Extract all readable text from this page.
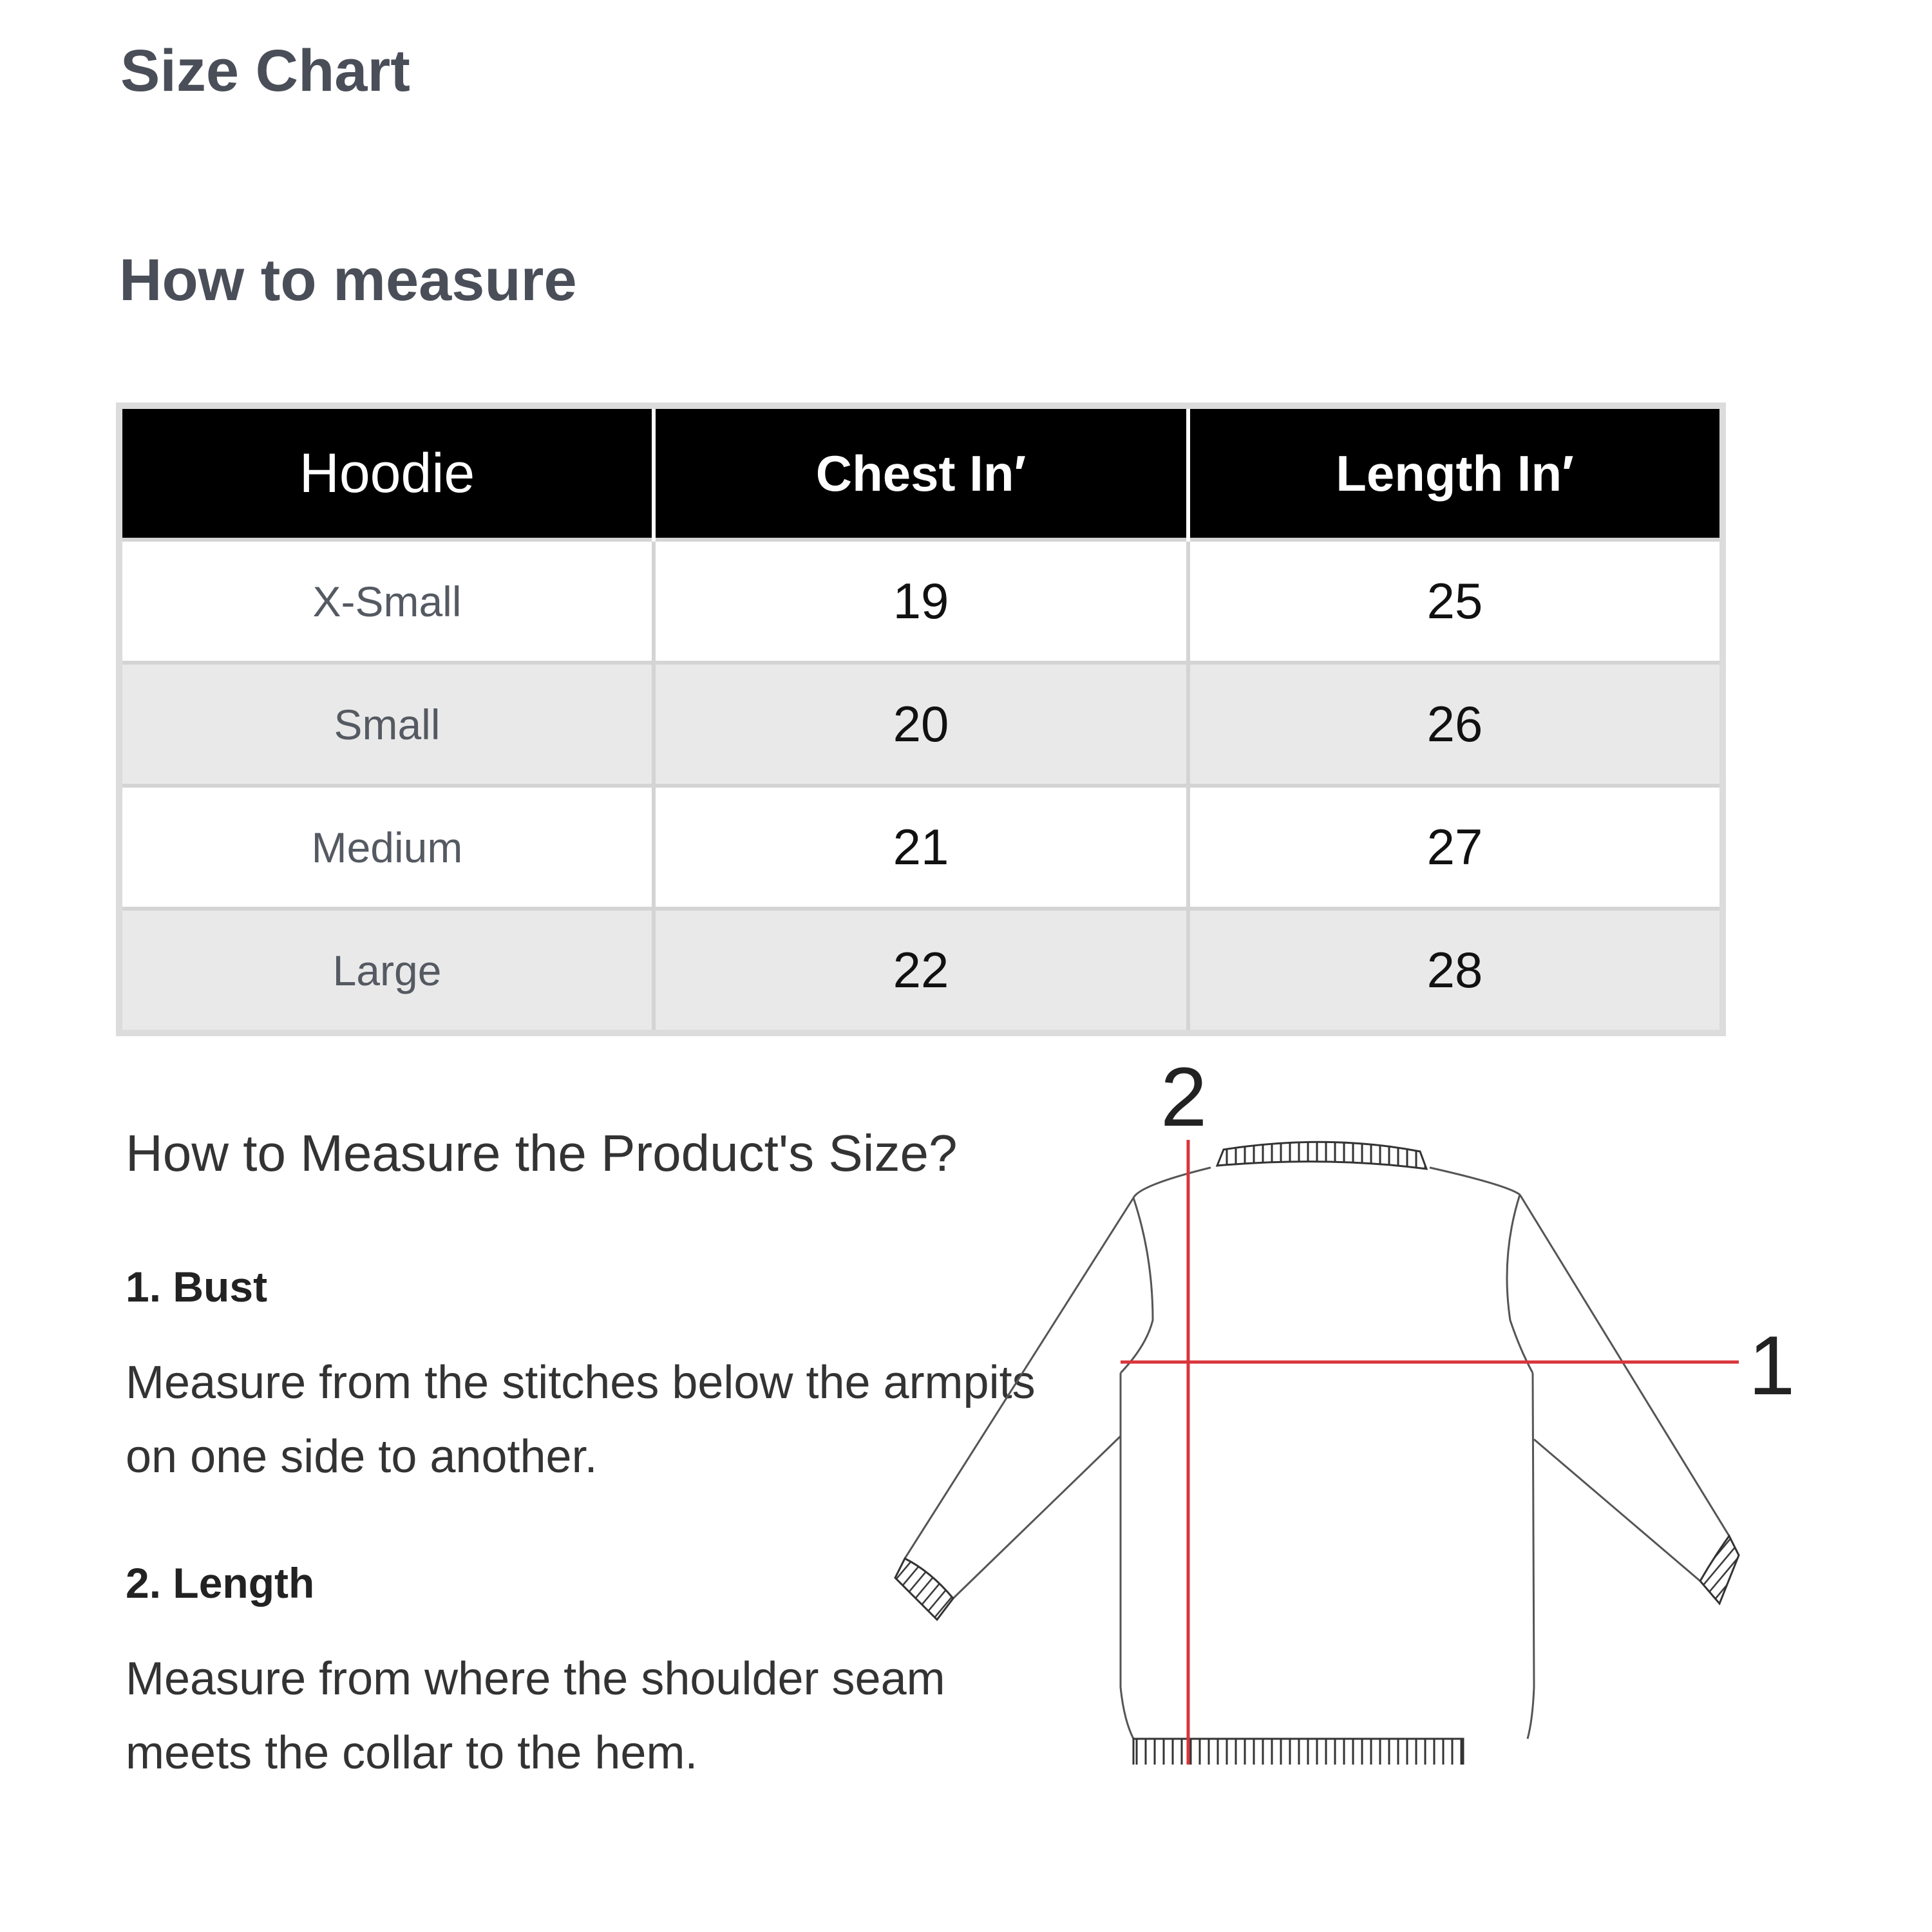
Size Chart
How to measure
Hoodie	Chest In′	Length In′
X-Small	19	25
Small	20	26
Medium	21	27
Large	22	28

How to Measure the Product's Size?

1. Bust

Measure from the stitches below the armpits on one side to another.

2. Length

Measure from where the shoulder seam meets the collar to the hem.

1
2
